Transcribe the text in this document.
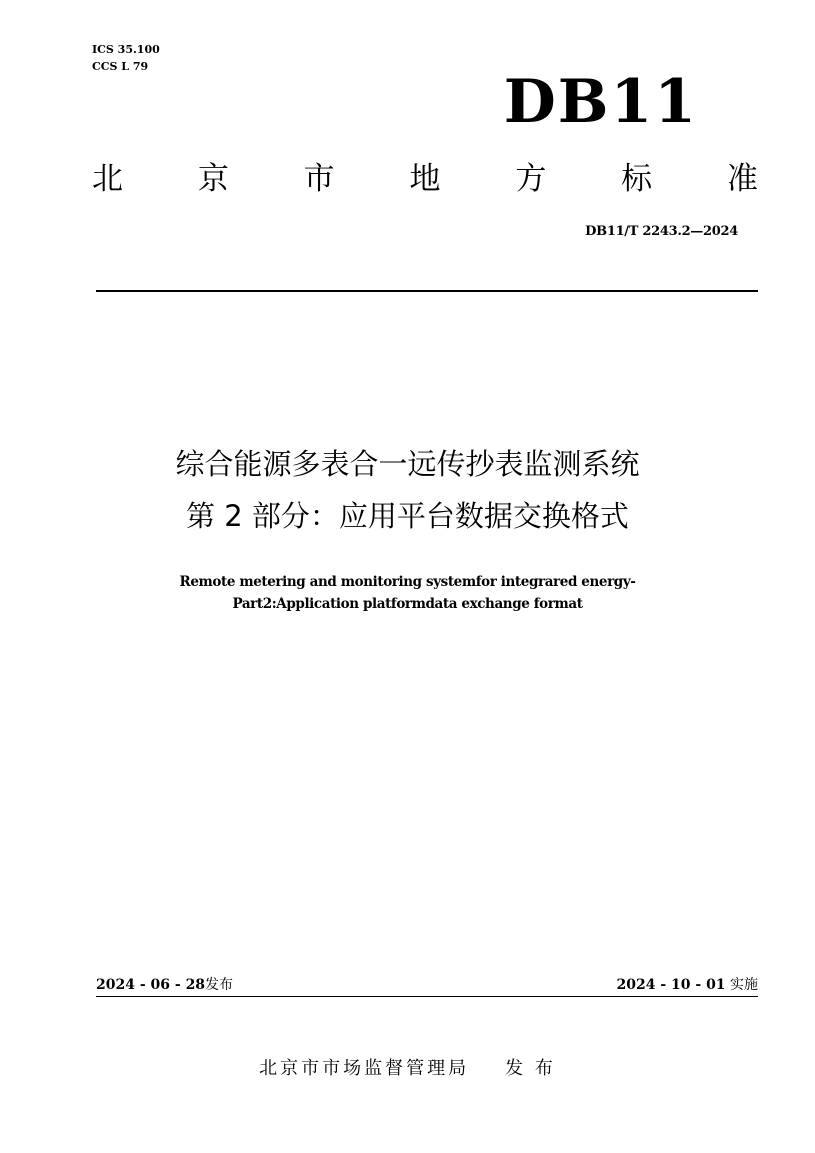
ICS 35.100
CCS L 79
DB11
北 京 市 地 方 标 准
DB11/T 2243.2—2024
综合能源多表合一远传抄表监测系统
第 2 部分：应用平台数据交换格式
Remote metering and monitoring systemfor integrared energy-
Part2:Application platformdata exchange format
2024 - 06 - 28发布	2024 - 10 - 01 实施
北京市市场监督管理局 发 布
